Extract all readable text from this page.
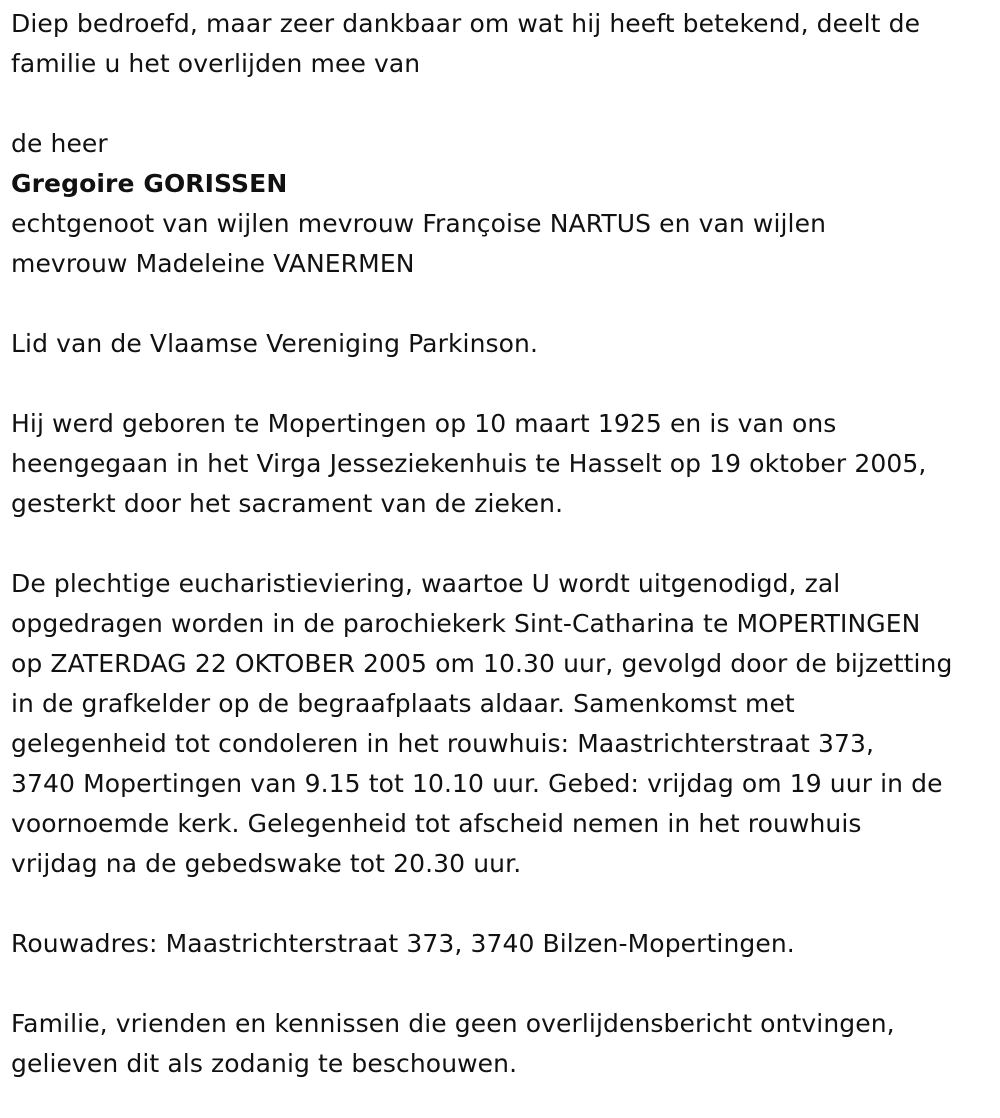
Diep bedroefd, maar zeer dankbaar om wat hij heeft betekend, deelt de

familie u het overlijden mee van

de heer

Gregoire GORISSEN

echtgenoot van wijlen mevrouw Françoise NARTUS en van wijlen

mevrouw Madeleine VANERMEN

Lid van de Vlaamse Vereniging Parkinson.

Hij werd geboren te Mopertingen op 10 maart 1925 en is van ons

heengegaan in het Virga Jesseziekenhuis te Hasselt op 19 oktober 2005,

gesterkt door het sacrament van de zieken.

De plechtige eucharistieviering, waartoe U wordt uitgenodigd, zal

opgedragen worden in de parochiekerk Sint-Catharina te MOPERTINGEN

op ZATERDAG 22 OKTOBER 2005 om 10.30 uur, gevolgd door de bijzetting

in de grafkelder op de begraafplaats aldaar. Samenkomst met

gelegenheid tot condoleren in het rouwhuis: Maastrichterstraat 373,

3740 Mopertingen van 9.15 tot 10.10 uur. Gebed: vrijdag om 19 uur in de

voornoemde kerk. Gelegenheid tot afscheid nemen in het rouwhuis

vrijdag na de gebedswake tot 20.30 uur.

Rouwadres: Maastrichterstraat 373, 3740 Bilzen-Mopertingen.

Familie, vrienden en kennissen die geen overlijdensbericht ontvingen,

gelieven dit als zodanig te beschouwen.
